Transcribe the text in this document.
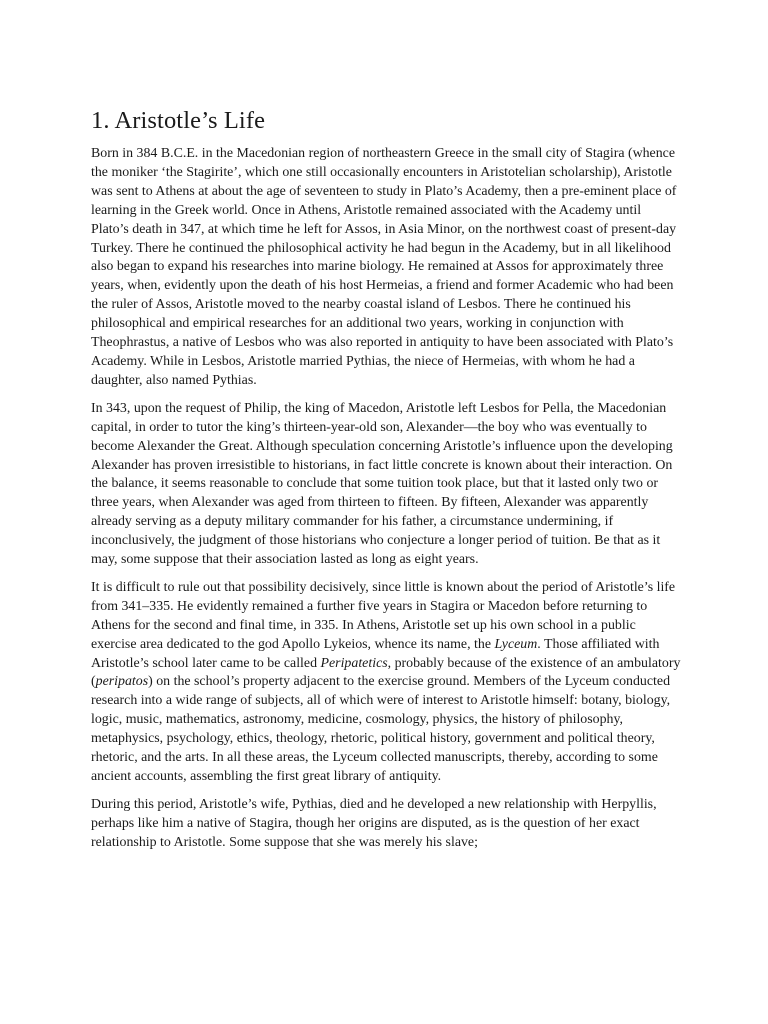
1. Aristotle’s Life

Born in 384 B.C.E. in the Macedonian region of northeastern Greece in the small city of Stagira (whence the moniker ‘the Stagirite’, which one still occasionally encounters in Aristotelian scholarship), Aristotle was sent to Athens at about the age of seventeen to study in Plato’s Academy, then a pre-eminent place of learning in the Greek world. Once in Athens, Aristotle remained associated with the Academy until Plato’s death in 347, at which time he left for Assos, in Asia Minor, on the northwest coast of present-day Turkey. There he continued the philosophical activity he had begun in the Academy, but in all likelihood also began to expand his researches into marine biology. He remained at Assos for approximately three years, when, evidently upon the death of his host Hermeias, a friend and former Academic who had been the ruler of Assos, Aristotle moved to the nearby coastal island of Lesbos. There he continued his philosophical and empirical researches for an additional two years, working in conjunction with Theophrastus, a native of Lesbos who was also reported in antiquity to have been associated with Plato’s Academy. While in Lesbos, Aristotle married Pythias, the niece of Hermeias, with whom he had a daughter, also named Pythias.

In 343, upon the request of Philip, the king of Macedon, Aristotle left Lesbos for Pella, the Macedonian capital, in order to tutor the king’s thirteen-year-old son, Alexander—the boy who was eventually to become Alexander the Great. Although speculation concerning Aristotle’s influence upon the developing Alexander has proven irresistible to historians, in fact little concrete is known about their interaction. On the balance, it seems reasonable to conclude that some tuition took place, but that it lasted only two or three years, when Alexander was aged from thirteen to fifteen. By fifteen, Alexander was apparently already serving as a deputy military commander for his father, a circumstance undermining, if inconclusively, the judgment of those historians who conjecture a longer period of tuition. Be that as it may, some suppose that their association lasted as long as eight years.

It is difficult to rule out that possibility decisively, since little is known about the period of Aristotle’s life from 341–335. He evidently remained a further five years in Stagira or Macedon before returning to Athens for the second and final time, in 335. In Athens, Aristotle set up his own school in a public exercise area dedicated to the god Apollo Lykeios, whence its name, the Lyceum. Those affiliated with Aristotle’s school later came to be called Peripatetics, probably because of the existence of an ambulatory (peripatos) on the school’s property adjacent to the exercise ground. Members of the Lyceum conducted research into a wide range of subjects, all of which were of interest to Aristotle himself: botany, biology, logic, music, mathematics, astronomy, medicine, cosmology, physics, the history of philosophy, metaphysics, psychology, ethics, theology, rhetoric, political history, government and political theory, rhetoric, and the arts. In all these areas, the Lyceum collected manuscripts, thereby, according to some ancient accounts, assembling the first great library of antiquity.

During this period, Aristotle’s wife, Pythias, died and he developed a new relationship with Herpyllis, perhaps like him a native of Stagira, though her origins are disputed, as is the question of her exact relationship to Aristotle. Some suppose that she was merely his slave;
